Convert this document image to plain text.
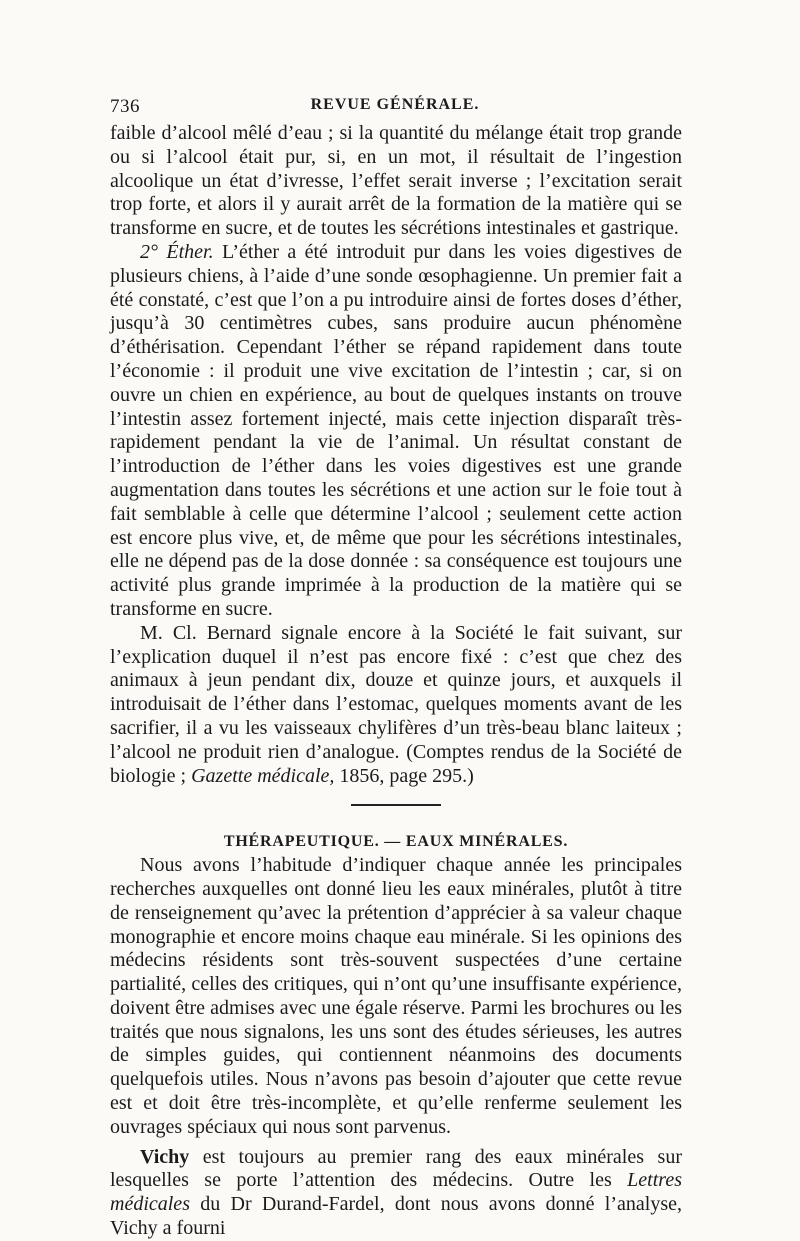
736	REVUE GÉNÉRALE.

faible d’alcool mêlé d’eau ; si la quantité du mélange était trop grande ou si l’alcool était pur, si, en un mot, il résultait de l’ingestion alcoolique un état d’ivresse, l’effet serait inverse ; l’excitation serait trop forte, et alors il y aurait arrêt de la formation de la matière qui se transforme en sucre, et de toutes les sécrétions intestinales et gastrique.

2° Éther. L’éther a été introduit pur dans les voies digestives de plusieurs chiens, à l’aide d’une sonde œsophagienne. Un premier fait a été constaté, c’est que l’on a pu introduire ainsi de fortes doses d’éther, jusqu’à 30 centimètres cubes, sans produire aucun phénomène d’éthérisation. Cependant l’éther se répand rapidement dans toute l’économie : il produit une vive excitation de l’intestin ; car, si on ouvre un chien en expérience, au bout de quelques instants on trouve l’intestin assez fortement injecté, mais cette injection disparaît très-rapidement pendant la vie de l’animal. Un résultat constant de l’introduction de l’éther dans les voies digestives est une grande augmentation dans toutes les sécrétions et une action sur le foie tout à fait semblable à celle que détermine l’alcool ; seulement cette action est encore plus vive, et, de même que pour les sécrétions intestinales, elle ne dépend pas de la dose donnée : sa conséquence est toujours une activité plus grande imprimée à la production de la matière qui se transforme en sucre.

M. Cl. Bernard signale encore à la Société le fait suivant, sur l’explication duquel il n’est pas encore fixé : c’est que chez des animaux à jeun pendant dix, douze et quinze jours, et auxquels il introduisait de l’éther dans l’estomac, quelques moments avant de les sacrifier, il a vu les vaisseaux chylifères d’un très-beau blanc laiteux ; l’alcool ne produit rien d’analogue. (Comptes rendus de la Société de biologie ; Gazette médicale, 1856, page 295.)

THÉRAPEUTIQUE. — EAUX MINÉRALES.

Nous avons l’habitude d’indiquer chaque année les principales recherches auxquelles ont donné lieu les eaux minérales, plutôt à titre de renseignement qu’avec la prétention d’apprécier à sa valeur chaque monographie et encore moins chaque eau minérale. Si les opinions des médecins résidents sont très-souvent suspectées d’une certaine partialité, celles des critiques, qui n’ont qu’une insuffisante expérience, doivent être admises avec une égale réserve. Parmi les brochures ou les traités que nous signalons, les uns sont des études sérieuses, les autres de simples guides, qui contiennent néanmoins des documents quelquefois utiles. Nous n’avons pas besoin d’ajouter que cette revue est et doit être très-incomplète, et qu’elle renferme seulement les ouvrages spéciaux qui nous sont parvenus.

Vichy est toujours au premier rang des eaux minérales sur lesquelles se porte l’attention des médecins. Outre les Lettres médicales du Dr Durand-Fardel, dont nous avons donné l’analyse, Vichy a fourni
